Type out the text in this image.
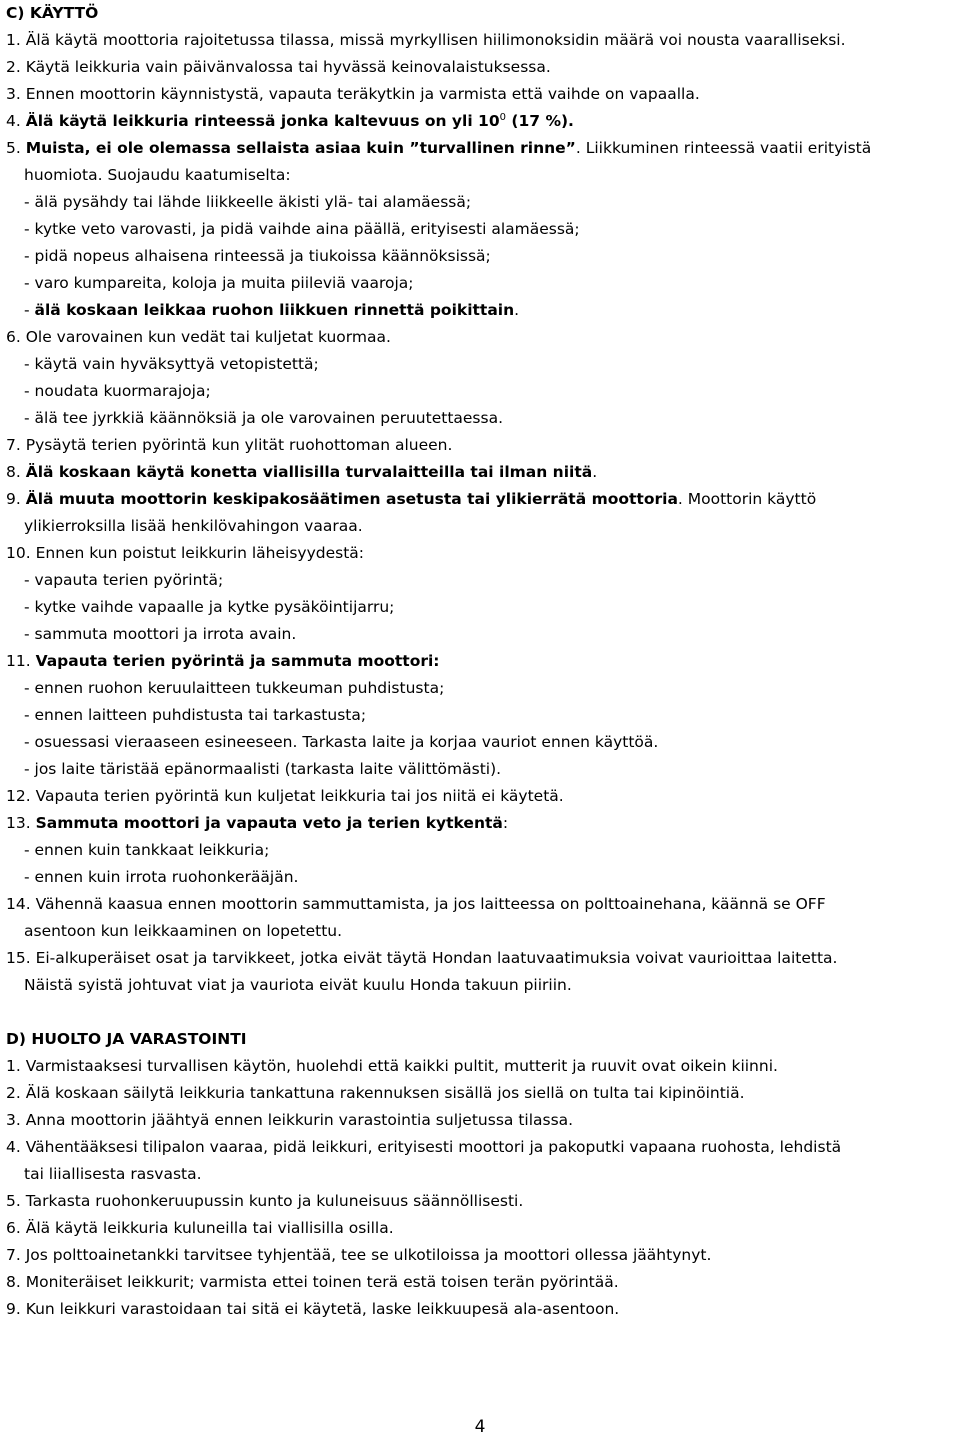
C) KÄYTTÖ
1. Älä käytä moottoria rajoitetussa tilassa, missä myrkyllisen hiilimonoksidin määrä voi nousta vaaralliseksi.
2. Käytä leikkuria vain päivänvalossa tai hyvässä keinovalaistuksessa.
3. Ennen moottorin käynnistystä, vapauta teräkytkin ja varmista että vaihde on vapaalla.
4. Älä käytä leikkuria rinteessä jonka kaltevuus on yli $10^0$ (17 %).
5. Muista, ei ole olemassa sellaista asiaa kuin ”turvallinen rinne”. Liikkuminen rinteessä vaatii erityistä
huomiota. Suojaudu kaatumiselta:
- älä pysähdy tai lähde liikkeelle äkisti ylä- tai alamäessä;
- kytke veto varovasti, ja pidä vaihde aina päällä, erityisesti alamäessä;
- pidä nopeus alhaisena rinteessä ja tiukoissa käännöksissä;
- varo kumpareita, koloja ja muita piileviä vaaroja;
- älä koskaan leikkaa ruohon liikkuen rinnettä poikittain.
6. Ole varovainen kun vedät tai kuljetat kuormaa.
- käytä vain hyväksyttyä vetopistettä;
- noudata kuormarajoja;
- älä tee jyrkkiä käännöksiä ja ole varovainen peruutettaessa.
7. Pysäytä terien pyörintä kun ylität ruohottoman alueen.
8. Älä koskaan käytä konetta viallisilla turvalaitteilla tai ilman niitä.
9. Älä muuta moottorin keskipakosäätimen asetusta tai ylikierrätä moottoria. Moottorin käyttö
ylikierroksilla lisää henkilövahingon vaaraa.
10. Ennen kun poistut leikkurin läheisyydestä:
- vapauta terien pyörintä;
- kytke vaihde vapaalle ja kytke pysäköintijarru;
- sammuta moottori ja irrota avain.
11. Vapauta terien pyörintä ja sammuta moottori:
- ennen ruohon keruulaitteen tukkeuman puhdistusta;
- ennen laitteen puhdistusta tai tarkastusta;
- osuessasi vieraaseen esineeseen. Tarkasta laite ja korjaa vauriot ennen käyttöä.
- jos laite täristää epänormaalisti (tarkasta laite välittömästi).
12. Vapauta terien pyörintä kun kuljetat leikkuria tai jos niitä ei käytetä.
13. Sammuta moottori ja vapauta veto ja terien kytkentä:
- ennen kuin tankkaat leikkuria;
- ennen kuin irrota ruohonkerääjän.
14. Vähennä kaasua ennen moottorin sammuttamista, ja jos laitteessa on polttoainehana, käännä se OFF
asentoon kun leikkaaminen on lopetettu.
15. Ei-alkuperäiset osat ja tarvikkeet, jotka eivät täytä Hondan laatuvaatimuksia voivat vaurioittaa laitetta.
Näistä syistä johtuvat viat ja vauriota eivät kuulu Honda takuun piiriin.
D) HUOLTO JA VARASTOINTI
1. Varmistaaksesi turvallisen käytön, huolehdi että kaikki pultit, mutterit ja ruuvit ovat oikein kiinni.
2. Älä koskaan säilytä leikkuria tankattuna rakennuksen sisällä jos siellä on tulta tai kipinöintiä.
3. Anna moottorin jäähtyä ennen leikkurin varastointia suljetussa tilassa.
4. Vähentääksesi tilipalon vaaraa, pidä leikkuri, erityisesti moottori ja pakoputki vapaana ruohosta, lehdistä
tai liiallisesta rasvasta.
5. Tarkasta ruohonkeruupussin kunto ja kuluneisuus säännöllisesti.
6. Älä käytä leikkuria kuluneilla tai viallisilla osilla.
7. Jos polttoainetankki tarvitsee tyhjentää, tee se ulkotiloissa ja moottori ollessa jäähtynyt.
8. Moniteräiset leikkurit; varmista ettei toinen terä estä toisen terän pyörintää.
9. Kun leikkuri varastoidaan tai sitä ei käytetä, laske leikkuupesä ala-asentoon.
4
